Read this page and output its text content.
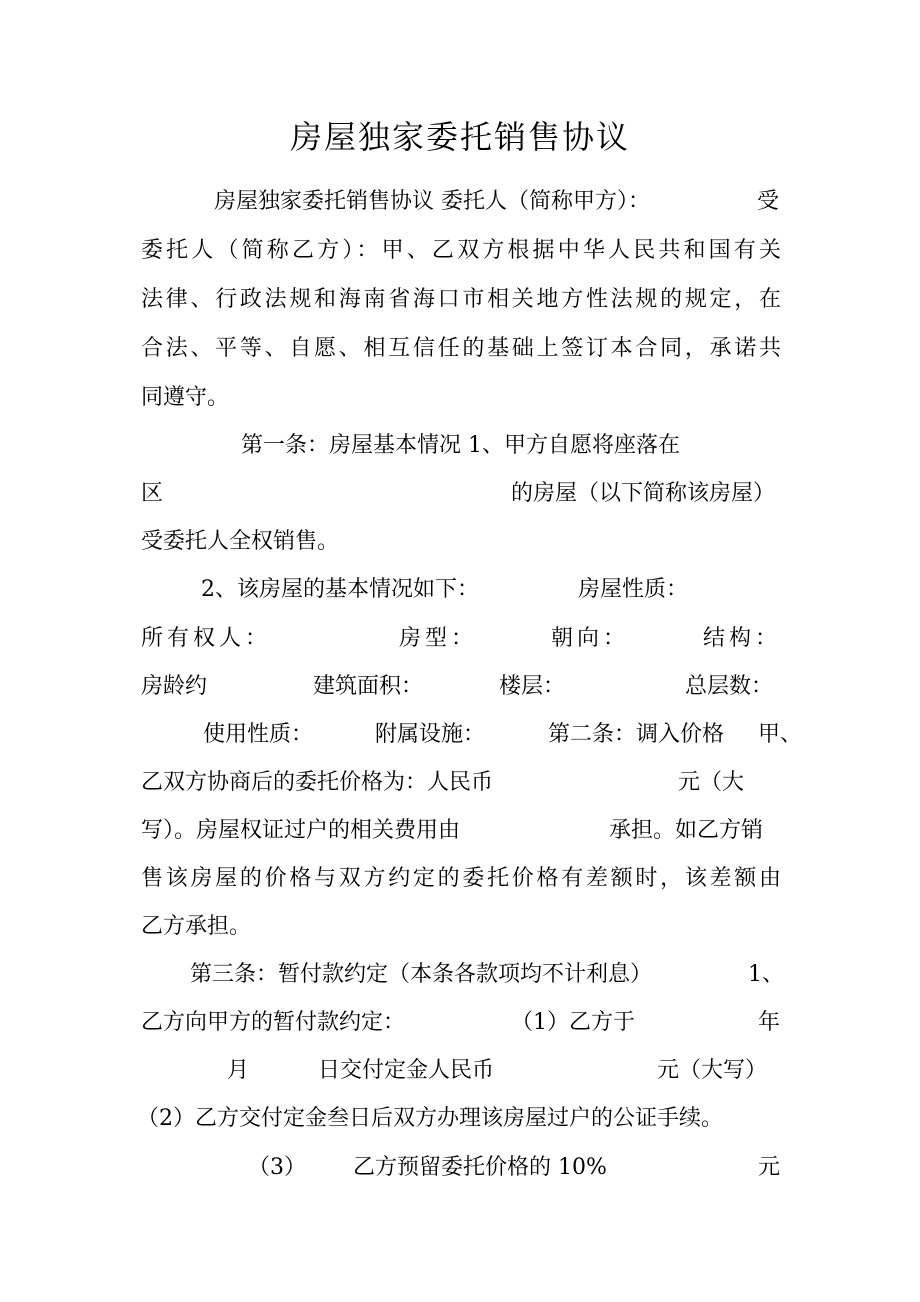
房屋独家委托销售协议
房屋独家委托销售协议 委托人（简称甲方）：	受
委托人（简称乙方）：甲、乙双方根据中华人民共和国有关
法律、行政法规和海南省海口市相关地方性法规的规定，在
合法、平等、自愿、相互信任的基础上签订本合同，承诺共
同遵守。
第一条：房屋基本情况 1、甲方自愿将座落在
区	的房屋（以下简称该房屋）
受委托人全权销售。
2、该房屋的基本情况如下：	房屋性质：
所有权人：	房型：	朝向：	结构：
房龄约	建筑面积：	楼层：	总层数：
使用性质：	附属设施：	第二条：调入价格 甲、
乙双方协商后的委托价格为：人民币	元（大
写）。房屋权证过户的相关费用由	承担。如乙方销
售该房屋的价格与双方约定的委托价格有差额时，该差额由
乙方承担。
第三条：暂付款约定（本条各款项均不计利息）	1、
乙方向甲方的暂付款约定：	（1）乙方于	年
月	日交付定金人民币	元（大写）
（2）乙方交付定金叁日后双方办理该房屋过户的公证手续。
（3） 乙方预留委托价格的 10%	元
